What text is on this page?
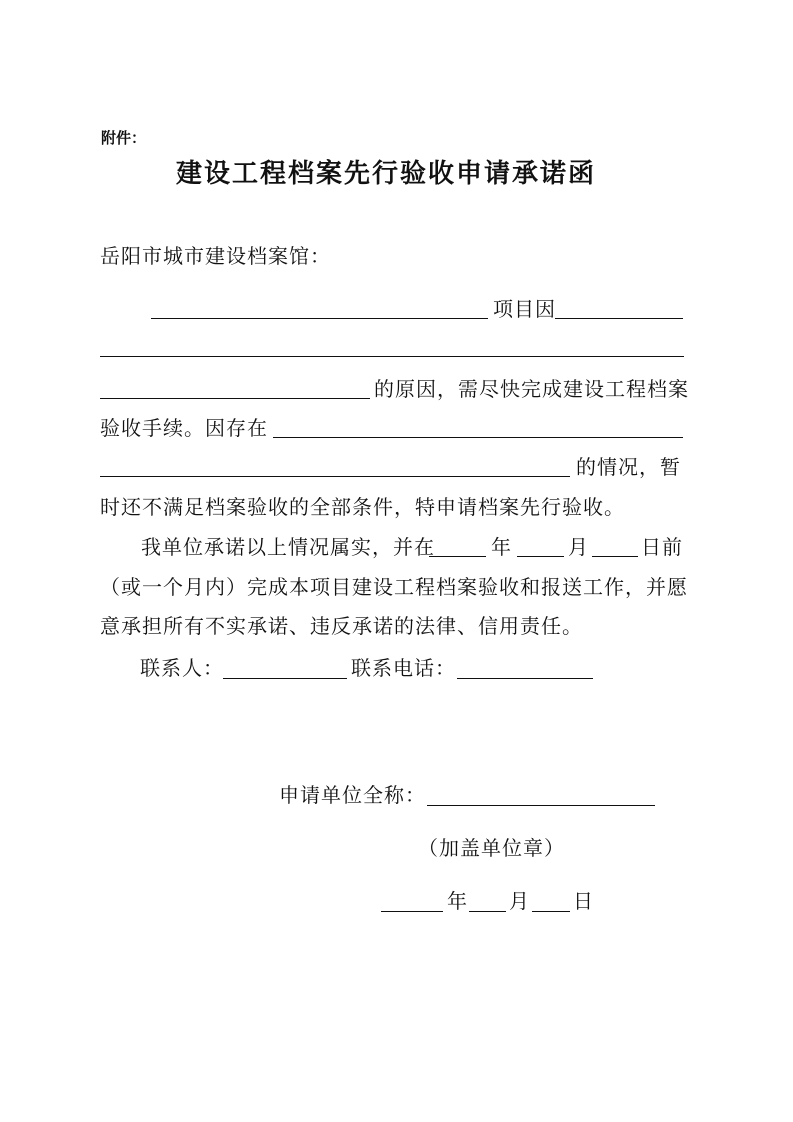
附件：
建设工程档案先行验收申请承诺函
岳阳市城市建设档案馆：
项目因
的原因，需尽快完成建设工程档案
验收手续。因存在
的情况，暂
时还不满足档案验收的全部条件，特申请档案先行验收。
我单位承诺以上情况属实，并在	年	月	日前
（或一个月内）完成本项目建设工程档案验收和报送工作，并愿
意承担所有不实承诺、违反承诺的法律、信用责任。
联系人：	联系电话：
申请单位全称：
（加盖单位章）
年 月 日
